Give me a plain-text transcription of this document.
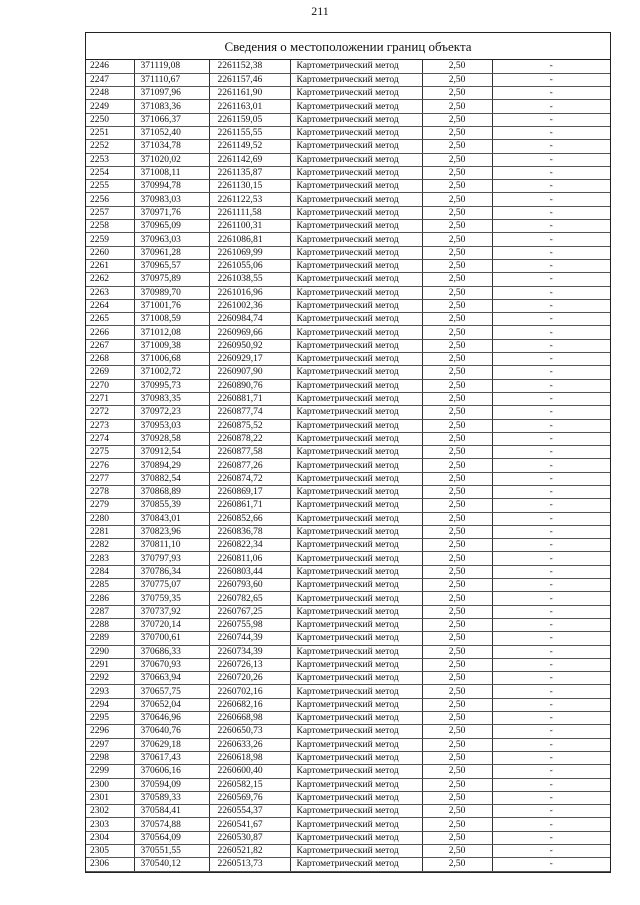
211
Сведения о местоположении границ объекта
2246	371119,08	2261152,38	Картометрический метод	2,50	-
2247	371110,67	2261157,46	Картометрический метод	2,50	-
2248	371097,96	2261161,90	Картометрический метод	2,50	-
2249	371083,36	2261163,01	Картометрический метод	2,50	-
2250	371066,37	2261159,05	Картометрический метод	2,50	-
2251	371052,40	2261155,55	Картометрический метод	2,50	-
2252	371034,78	2261149,52	Картометрический метод	2,50	-
2253	371020,02	2261142,69	Картометрический метод	2,50	-
2254	371008,11	2261135,87	Картометрический метод	2,50	-
2255	370994,78	2261130,15	Картометрический метод	2,50	-
2256	370983,03	2261122,53	Картометрический метод	2,50	-
2257	370971,76	2261111,58	Картометрический метод	2,50	-
2258	370965,09	2261100,31	Картометрический метод	2,50	-
2259	370963,03	2261086,81	Картометрический метод	2,50	-
2260	370961,28	2261069,99	Картометрический метод	2,50	-
2261	370965,57	2261055,06	Картометрический метод	2,50	-
2262	370975,89	2261038,55	Картометрический метод	2,50	-
2263	370989,70	2261016,96	Картометрический метод	2,50	-
2264	371001,76	2261002,36	Картометрический метод	2,50	-
2265	371008,59	2260984,74	Картометрический метод	2,50	-
2266	371012,08	2260969,66	Картометрический метод	2,50	-
2267	371009,38	2260950,92	Картометрический метод	2,50	-
2268	371006,68	2260929,17	Картометрический метод	2,50	-
2269	371002,72	2260907,90	Картометрический метод	2,50	-
2270	370995,73	2260890,76	Картометрический метод	2,50	-
2271	370983,35	2260881,71	Картометрический метод	2,50	-
2272	370972,23	2260877,74	Картометрический метод	2,50	-
2273	370953,03	2260875,52	Картометрический метод	2,50	-
2274	370928,58	2260878,22	Картометрический метод	2,50	-
2275	370912,54	2260877,58	Картометрический метод	2,50	-
2276	370894,29	2260877,26	Картометрический метод	2,50	-
2277	370882,54	2260874,72	Картометрический метод	2,50	-
2278	370868,89	2260869,17	Картометрический метод	2,50	-
2279	370855,39	2260861,71	Картометрический метод	2,50	-
2280	370843,01	2260852,66	Картометрический метод	2,50	-
2281	370823,96	2260836,78	Картометрический метод	2,50	-
2282	370811,10	2260822,34	Картометрический метод	2,50	-
2283	370797,93	2260811,06	Картометрический метод	2,50	-
2284	370786,34	2260803,44	Картометрический метод	2,50	-
2285	370775,07	2260793,60	Картометрический метод	2,50	-
2286	370759,35	2260782,65	Картометрический метод	2,50	-
2287	370737,92	2260767,25	Картометрический метод	2,50	-
2288	370720,14	2260755,98	Картометрический метод	2,50	-
2289	370700,61	2260744,39	Картометрический метод	2,50	-
2290	370686,33	2260734,39	Картометрический метод	2,50	-
2291	370670,93	2260726,13	Картометрический метод	2,50	-
2292	370663,94	2260720,26	Картометрический метод	2,50	-
2293	370657,75	2260702,16	Картометрический метод	2,50	-
2294	370652,04	2260682,16	Картометрический метод	2,50	-
2295	370646,96	2260668,98	Картометрический метод	2,50	-
2296	370640,76	2260650,73	Картометрический метод	2,50	-
2297	370629,18	2260633,26	Картометрический метод	2,50	-
2298	370617,43	2260618,98	Картометрический метод	2,50	-
2299	370606,16	2260600,40	Картометрический метод	2,50	-
2300	370594,09	2260582,15	Картометрический метод	2,50	-
2301	370589,33	2260569,76	Картометрический метод	2,50	-
2302	370584,41	2260554,37	Картометрический метод	2,50	-
2303	370574,88	2260541,67	Картометрический метод	2,50	-
2304	370564,09	2260530,87	Картометрический метод	2,50	-
2305	370551,55	2260521,82	Картометрический метод	2,50	-
2306	370540,12	2260513,73	Картометрический метод	2,50	-
